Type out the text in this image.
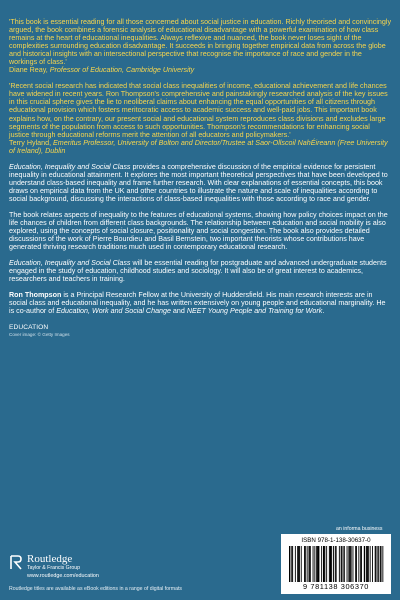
'This book is essential reading for all those concerned about social justice in education. Richly theorised and convincingly argued, the book combines a forensic analysis of educational disadvantage with a powerful examination of how class remains at the heart of educational inequalities. Always reflexive and nuanced, the book never loses sight of the complexities surrounding education disadvantage. It succeeds in bringing together empirical data from across the globe and historical insights with an intersectional perspective that recognise the importance of race and gender in the workings of class.'
Diane Reay, Professor of Education, Cambridge University

'Recent social research has indicated that social class inequalities of income, educational achievement and life chances have widened in recent years. Ron Thompson's comprehensive and painstakingly researched analysis of the key issues in this crucial sphere gives the lie to neoliberal claims about enhancing the equal opportunities of all citizens through educational provision which fosters meritocratic access to academic success and well-paid jobs. This important book explains how, on the contrary, our present social and educational system reproduces class divisions and excludes large segments of the population from access to such opportunities. Thompson's recommendations for enhancing social justice through educational reforms merit the attention of all educators and policymakers.'
Terry Hyland, Emeritus Professor, University of Bolton and Director/Trustee at Saor-Ollscoil NahÉireann (Free University of Ireland), Dublin

Education, Inequality and Social Class provides a comprehensive discussion of the empirical evidence for persistent inequality in educational attainment. It explores the most important theoretical perspectives that have been developed to understand class-based inequality and frame further research. With clear explanations of essential concepts, this book draws on empirical data from the UK and other countries to illustrate the nature and scale of inequalities according to social background, discussing the interactions of class-based inequalities with those according to race and gender.

The book relates aspects of inequality to the features of educational systems, showing how policy choices impact on the life chances of children from different class backgrounds. The relationship between education and social mobility is also explored, using the concepts of social closure, positionality and social congestion. The book also provides detailed discussions of the work of Pierre Bourdieu and Basil Bernstein, two important theorists whose contributions have generated thriving research traditions much used in contemporary educational research.

Education, Inequality and Social Class will be essential reading for postgraduate and advanced undergraduate students engaged in the study of education, childhood studies and sociology. It will also be of great interest to academics, researchers and teachers in training.

Ron Thompson is a Principal Research Fellow at the University of Huddersfield. His main research interests are in social class and educational inequality, and he has written extensively on young people and educational marginality. He is co-author of Education, Work and Social Change and NEET Young People and Training for Work.

EDUCATION
Cover image: © Getty Images
Routledge
Taylor & Francis Group
www.routledge.com/education
an informa business
ISBN 978-1-138-30637-0
9 781138 306370
Routledge titles are available as eBook editions in a range of digital formats
